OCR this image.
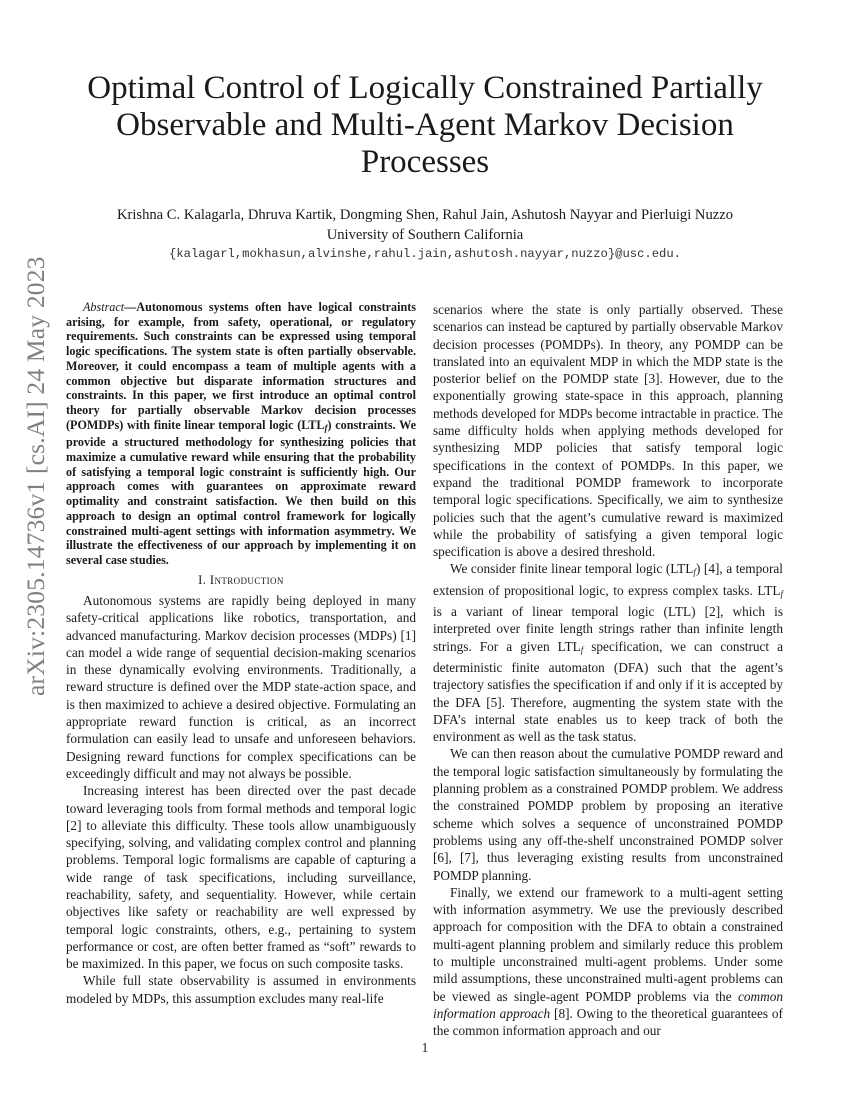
arXiv:2305.14736v1 [cs.AI] 24 May 2023
Optimal Control of Logically Constrained Partially Observable and Multi-Agent Markov Decision Processes
Krishna C. Kalagarla, Dhruva Kartik, Dongming Shen, Rahul Jain, Ashutosh Nayyar and Pierluigi Nuzzo
University of Southern California
{kalagarl,mokhasun,alvinshe,rahul.jain,ashutosh.nayyar,nuzzo}@usc.edu.

Abstract—Autonomous systems often have logical constraints arising, for example, from safety, operational, or regulatory requirements. Such constraints can be expressed using temporal logic specifications. The system state is often partially observable. Moreover, it could encompass a team of multiple agents with a common objective but disparate information structures and constraints. In this paper, we first introduce an optimal control theory for partially observable Markov decision processes (POMDPs) with finite linear temporal logic $(LTL_f)$ constraints. We provide a structured methodology for synthesizing policies that maximize a cumulative reward while ensuring that the probability of satisfying a temporal logic constraint is sufficiently high. Our approach comes with guarantees on approximate reward optimality and constraint satisfaction. We then build on this approach to design an optimal control framework for logically constrained multi-agent settings with information asymmetry. We illustrate the effectiveness of our approach by implementing it on several case studies.

I. Introduction

Autonomous systems are rapidly being deployed in many safety-critical applications like robotics, transportation, and advanced manufacturing. Markov decision processes (MDPs) [1] can model a wide range of sequential decision-making scenarios in these dynamically evolving environments. Traditionally, a reward structure is defined over the MDP state-action space, and is then maximized to achieve a desired objective. Formulating an appropriate reward function is critical, as an incorrect formulation can easily lead to unsafe and unforeseen behaviors. Designing reward functions for complex specifications can be exceedingly difficult and may not always be possible.

Increasing interest has been directed over the past decade toward leveraging tools from formal methods and temporal logic [2] to alleviate this difficulty. These tools allow unambiguously specifying, solving, and validating complex control and planning problems. Temporal logic formalisms are capable of capturing a wide range of task specifications, including surveillance, reachability, safety, and sequentiality. However, while certain objectives like safety or reachability are well expressed by temporal logic constraints, others, e.g., pertaining to system performance or cost, are often better framed as “soft” rewards to be maximized. In this paper, we focus on such composite tasks.

While full state observability is assumed in environments modeled by MDPs, this assumption excludes many real-life

scenarios where the state is only partially observed. These scenarios can instead be captured by partially observable Markov decision processes (POMDPs). In theory, any POMDP can be translated into an equivalent MDP in which the MDP state is the posterior belief on the POMDP state [3]. However, due to the exponentially growing state-space in this approach, planning methods developed for MDPs become intractable in practice. The same difficulty holds when applying methods developed for synthesizing MDP policies that satisfy temporal logic specifications in the context of POMDPs. In this paper, we expand the traditional POMDP framework to incorporate temporal logic specifications. Specifically, we aim to synthesize policies such that the agent’s cumulative reward is maximized while the probability of satisfying a given temporal logic specification is above a desired threshold.

We consider finite linear temporal logic $(LTL_f)$ [4], a temporal extension of propositional logic, to express complex tasks. $LTL_f$ is a variant of linear temporal logic (LTL) [2], which is interpreted over finite length strings rather than infinite length strings. For a given $LTL_f$ specification, we can construct a deterministic finite automaton (DFA) such that the agent’s trajectory satisfies the specification if and only if it is accepted by the DFA [5]. Therefore, augmenting the system state with the DFA’s internal state enables us to keep track of both the environment as well as the task status.

We can then reason about the cumulative POMDP reward and the temporal logic satisfaction simultaneously by formulating the planning problem as a constrained POMDP problem. We address the constrained POMDP problem by proposing an iterative scheme which solves a sequence of unconstrained POMDP problems using any off-the-shelf unconstrained POMDP solver [6], [7], thus leveraging existing results from unconstrained POMDP planning.

Finally, we extend our framework to a multi-agent setting with information asymmetry. We use the previously described approach for composition with the DFA to obtain a constrained multi-agent planning problem and similarly reduce this problem to multiple unconstrained multi-agent problems. Under some mild assumptions, these unconstrained multi-agent problems can be viewed as single-agent POMDP problems via the common information approach [8]. Owing to the theoretical guarantees of the common information approach and our

1
